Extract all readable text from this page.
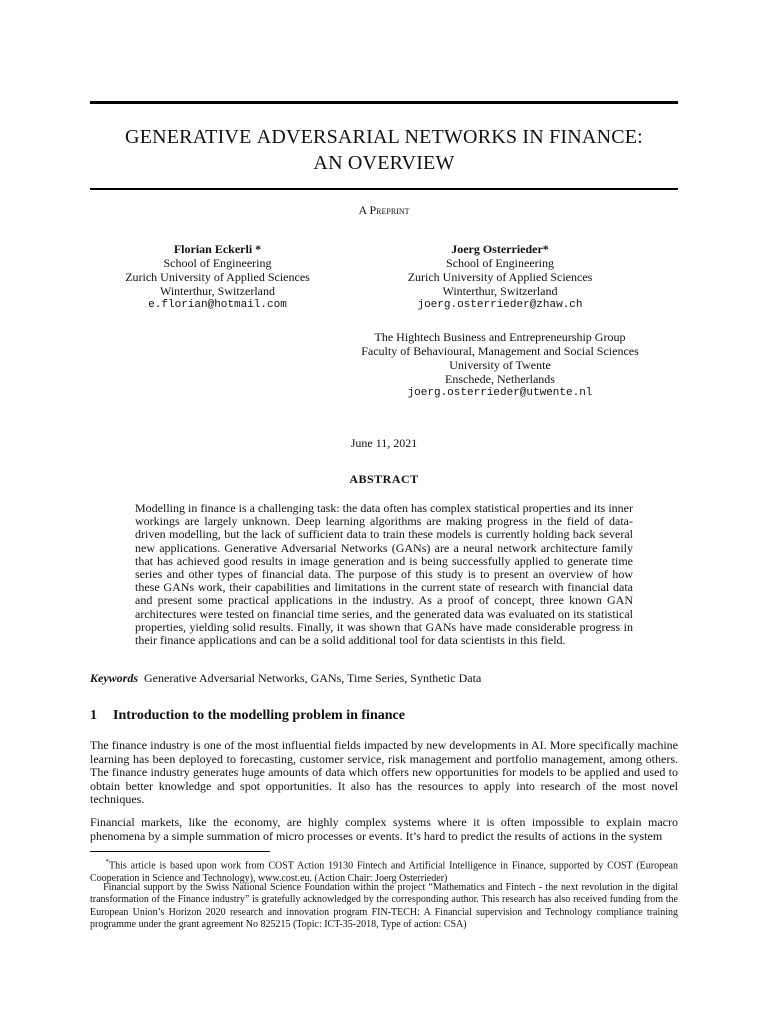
GENERATIVE ADVERSARIAL NETWORKS IN FINANCE:
AN OVERVIEW
A Preprint
Florian Eckerli *
School of Engineering
Zurich University of Applied Sciences
Winterthur, Switzerland
e.florian@hotmail.com
Joerg Osterrieder*
School of Engineering
Zurich University of Applied Sciences
Winterthur, Switzerland
joerg.osterrieder@zhaw.ch
The Hightech Business and Entrepreneurship Group
Faculty of Behavioural, Management and Social Sciences
University of Twente
Enschede, Netherlands
joerg.osterrieder@utwente.nl
June 11, 2021
ABSTRACT
Modelling in finance is a challenging task: the data often has complex statistical properties and its inner workings are largely unknown. Deep learning algorithms are making progress in the field of data-driven modelling, but the lack of sufficient data to train these models is currently holding back several new applications. Generative Adversarial Networks (GANs) are a neural network architecture family that has achieved good results in image generation and is being successfully applied to generate time series and other types of financial data. The purpose of this study is to present an overview of how these GANs work, their capabilities and limitations in the current state of research with financial data and present some practical applications in the industry. As a proof of concept, three known GAN architectures were tested on financial time series, and the generated data was evaluated on its statistical properties, yielding solid results. Finally, it was shown that GANs have made considerable progress in their finance applications and can be a solid additional tool for data scientists in this field.
Keywords Generative Adversarial Networks, GANs, Time Series, Synthetic Data
1 Introduction to the modelling problem in finance
The finance industry is one of the most influential fields impacted by new developments in AI. More specifically machine learning has been deployed to forecasting, customer service, risk management and portfolio management, among others. The finance industry generates huge amounts of data which offers new opportunities for models to be applied and used to obtain better knowledge and spot opportunities. It also has the resources to apply into research of the most novel techniques.
Financial markets, like the economy, are highly complex systems where it is often impossible to explain macro phenomena by a simple summation of micro processes or events. It’s hard to predict the results of actions in the system
*This article is based upon work from COST Action 19130 Fintech and Artificial Intelligence in Finance, supported by COST (European Cooperation in Science and Technology), www.cost.eu. (Action Chair: Joerg Osterrieder)
Financial support by the Swiss National Science Foundation within the project “Mathematics and Fintech - the next revolution in the digital transformation of the Finance industry” is gratefully acknowledged by the corresponding author. This research has also received funding from the European Union’s Horizon 2020 research and innovation program FIN-TECH: A Financial supervision and Technology compliance training programme under the grant agreement No 825215 (Topic: ICT-35-2018, Type of action: CSA)
